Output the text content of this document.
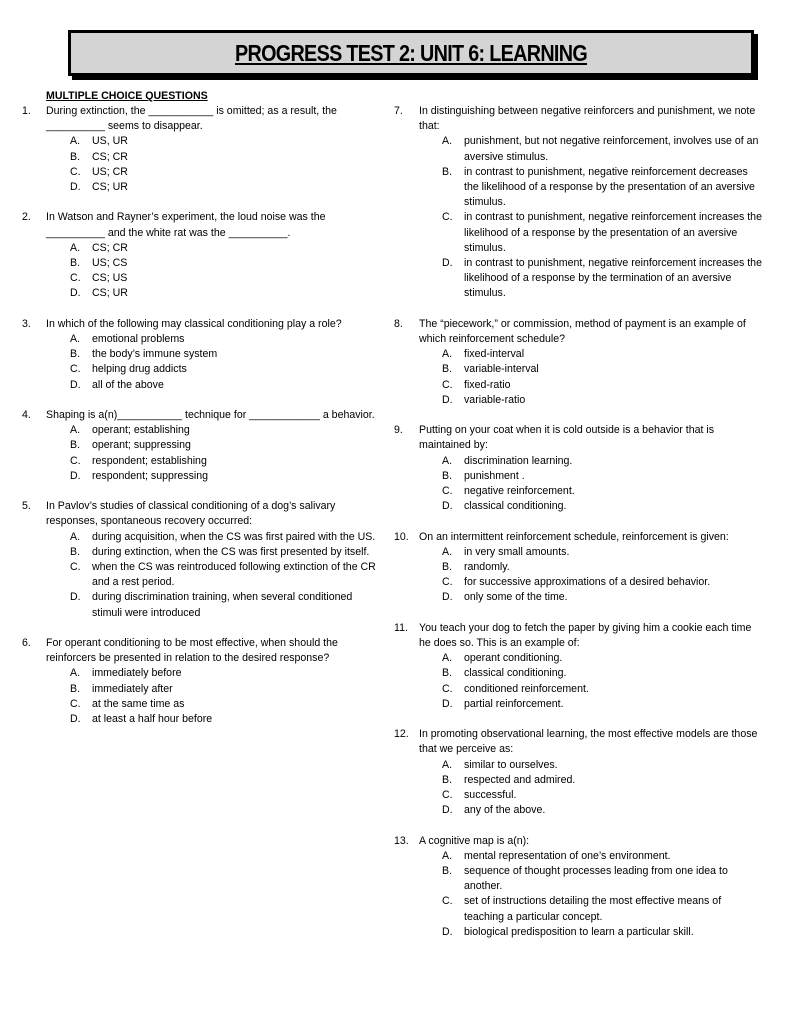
PROGRESS TEST 2: UNIT 6: LEARNING
MULTIPLE CHOICE QUESTIONS
1.	During extinction, the ___________ is omitted; as a result, the __________ seems to disappear.
A.	US, UR
B.	CS; CR
C.	US; CR
D.	CS; UR
2.	In Watson and Rayner’s experiment, the loud noise was the __________ and the white rat was the __________.
A.	CS; CR
B.	US; CS
C.	CS; US
D.	CS; UR
3.	In which of the following may classical conditioning play a role?
A.	emotional problems
B.	the body’s immune system
C.	helping drug addicts
D.	all of the above
4.	Shaping is a(n)___________ technique for ____________ a behavior.
A.	operant; establishing
B.	operant; suppressing
C.	respondent; establishing
D.	respondent; suppressing
5.	In Pavlov’s studies of classical conditioning of a dog’s salivary responses, spontaneous recovery occurred:
A.	during acquisition, when the CS was first paired with the US.
B.	during extinction, when the CS was first presented by itself.
C.	when the CS was reintroduced following extinction of the CR and a rest period.
D.	during discrimination training, when several conditioned stimuli were introduced
6.	For operant conditioning to be most effective, when should the reinforcers be presented in relation to the desired response?
A.	immediately before
B.	immediately after
C.	at the same time as
D.	at least a half hour before
7.	In distinguishing between negative reinforcers and punishment, we note that:
A.	punishment, but not negative reinforcement, involves use of an aversive stimulus.
B.	in contrast to punishment, negative reinforcement decreases the likelihood of a response by the presentation of an aversive stimulus.
C.	in contrast to punishment, negative reinforcement increases the likelihood of a response by the presentation of an aversive stimulus.
D.	in contrast to punishment, negative reinforcement increases the likelihood of a response by the termination of an aversive stimulus.
8.	The “piecework,” or commission, method of payment is an example of which reinforcement schedule?
A.	fixed-interval
B.	variable-interval
C.	fixed-ratio
D.	variable-ratio
9.	Putting on your coat when it is cold outside is a behavior that is maintained by:
A.	discrimination learning.
B.	punishment .
C.	negative reinforcement.
D.	classical conditioning.
10. On an intermittent reinforcement schedule, reinforcement is given:
A.	in very small amounts.
B.	randomly.
C.	for successive approximations of a desired behavior.
D.	only some of the time.
11.	You teach your dog to fetch the paper by giving him a cookie each time he does so. This is an example of:
A.	operant conditioning.
B.	classical conditioning.
C.	conditioned reinforcement.
D.	partial reinforcement.
12. In promoting observational learning, the most effective models are those that we perceive as:
A.	similar to ourselves.
B.	respected and admired.
C.	successful.
D.	any of the above.
13. A cognitive map is a(n):
A.	mental representation of one’s environment.
B.	sequence of thought processes leading from one idea to another.
C.	set of instructions detailing the most effective means of teaching a particular concept.
D.	biological predisposition to learn a particular skill.
